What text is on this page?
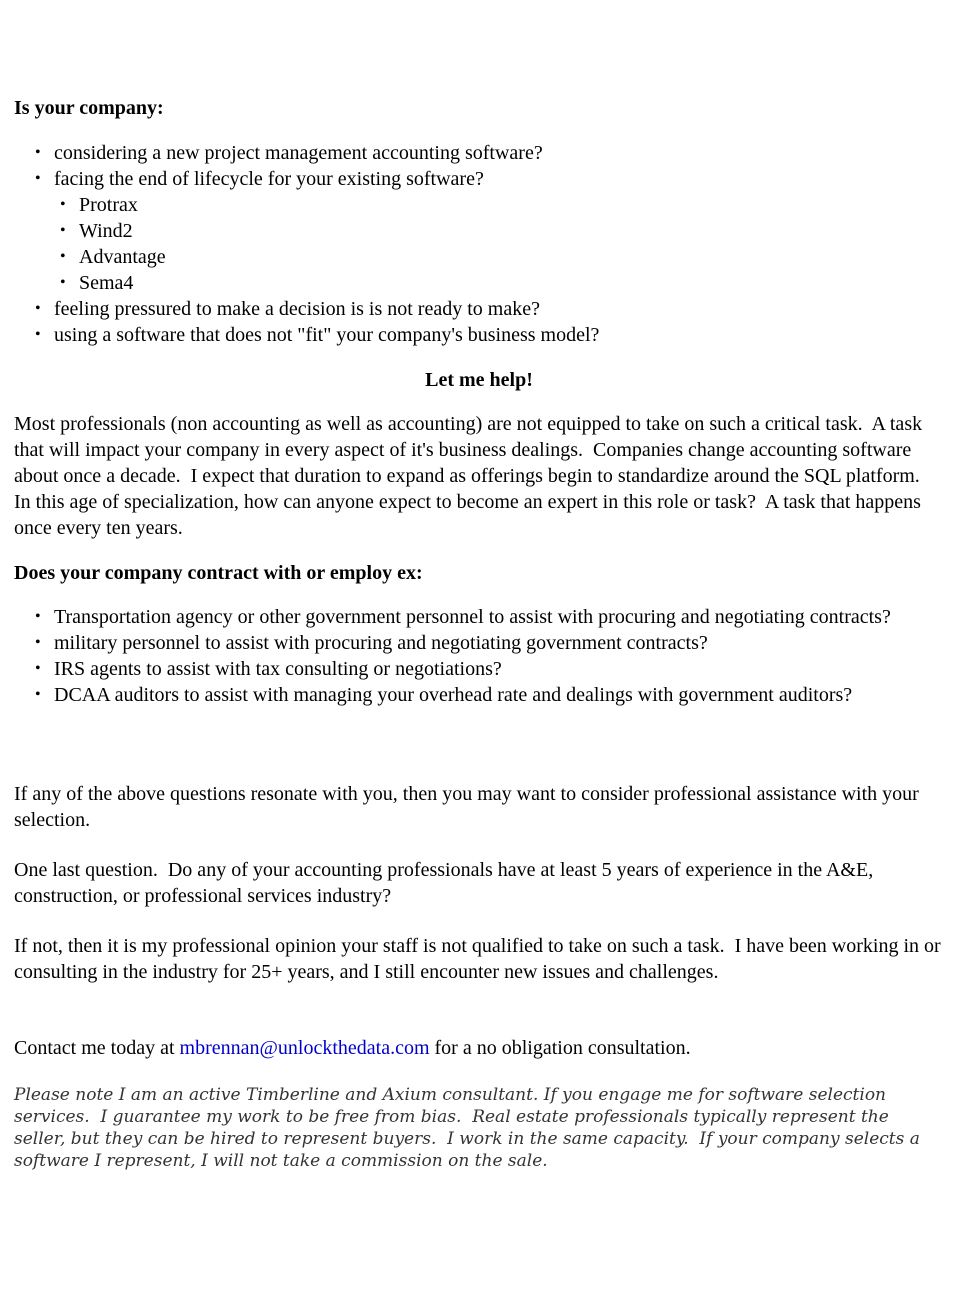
Is your company:

• considering a new project management accounting software?
• facing the end of lifecycle for your existing software?
• Protrax
• Wind2
• Advantage
• Sema4
• feeling pressured to make a decision is is not ready to make?
• using a software that does not "fit" your company's business model?

Let me help!

Most professionals (non accounting as well as accounting) are not equipped to take on such a critical task.  A task that will impact your company in every aspect of it's business dealings.  Companies change accounting software about once a decade.  I expect that duration to expand as offerings begin to standardize around the SQL platform.   In this age of specialization, how can anyone expect to become an expert in this role or task?  A task that happens once every ten years.

Does your company contract with or employ ex:

• Transportation agency or other government personnel to assist with procuring and negotiating contracts?
• military personnel to assist with procuring and negotiating government contracts?
• IRS agents to assist with tax consulting or negotiations?
• DCAA auditors to assist with managing your overhead rate and dealings with government auditors?

If any of the above questions resonate with you, then you may want to consider professional assistance with your selection.

One last question.  Do any of your accounting professionals have at least 5 years of experience in the A&E, construction, or professional services industry?

If not, then it is my professional opinion your staff is not qualified to take on such a task.  I have been working in or consulting in the industry for 25+ years, and I still encounter new issues and challenges.

Contact me today at mbrennan@unlockthedata.com for a no obligation consultation.

Please note I am an active Timberline and Axium consultant. If you engage me for software selection services.  I guarantee my work to be free from bias.  Real estate professionals typically represent the seller, but they can be hired to represent buyers.  I work in the same capacity.  If your company selects a software I represent, I will not take a commission on the sale.
